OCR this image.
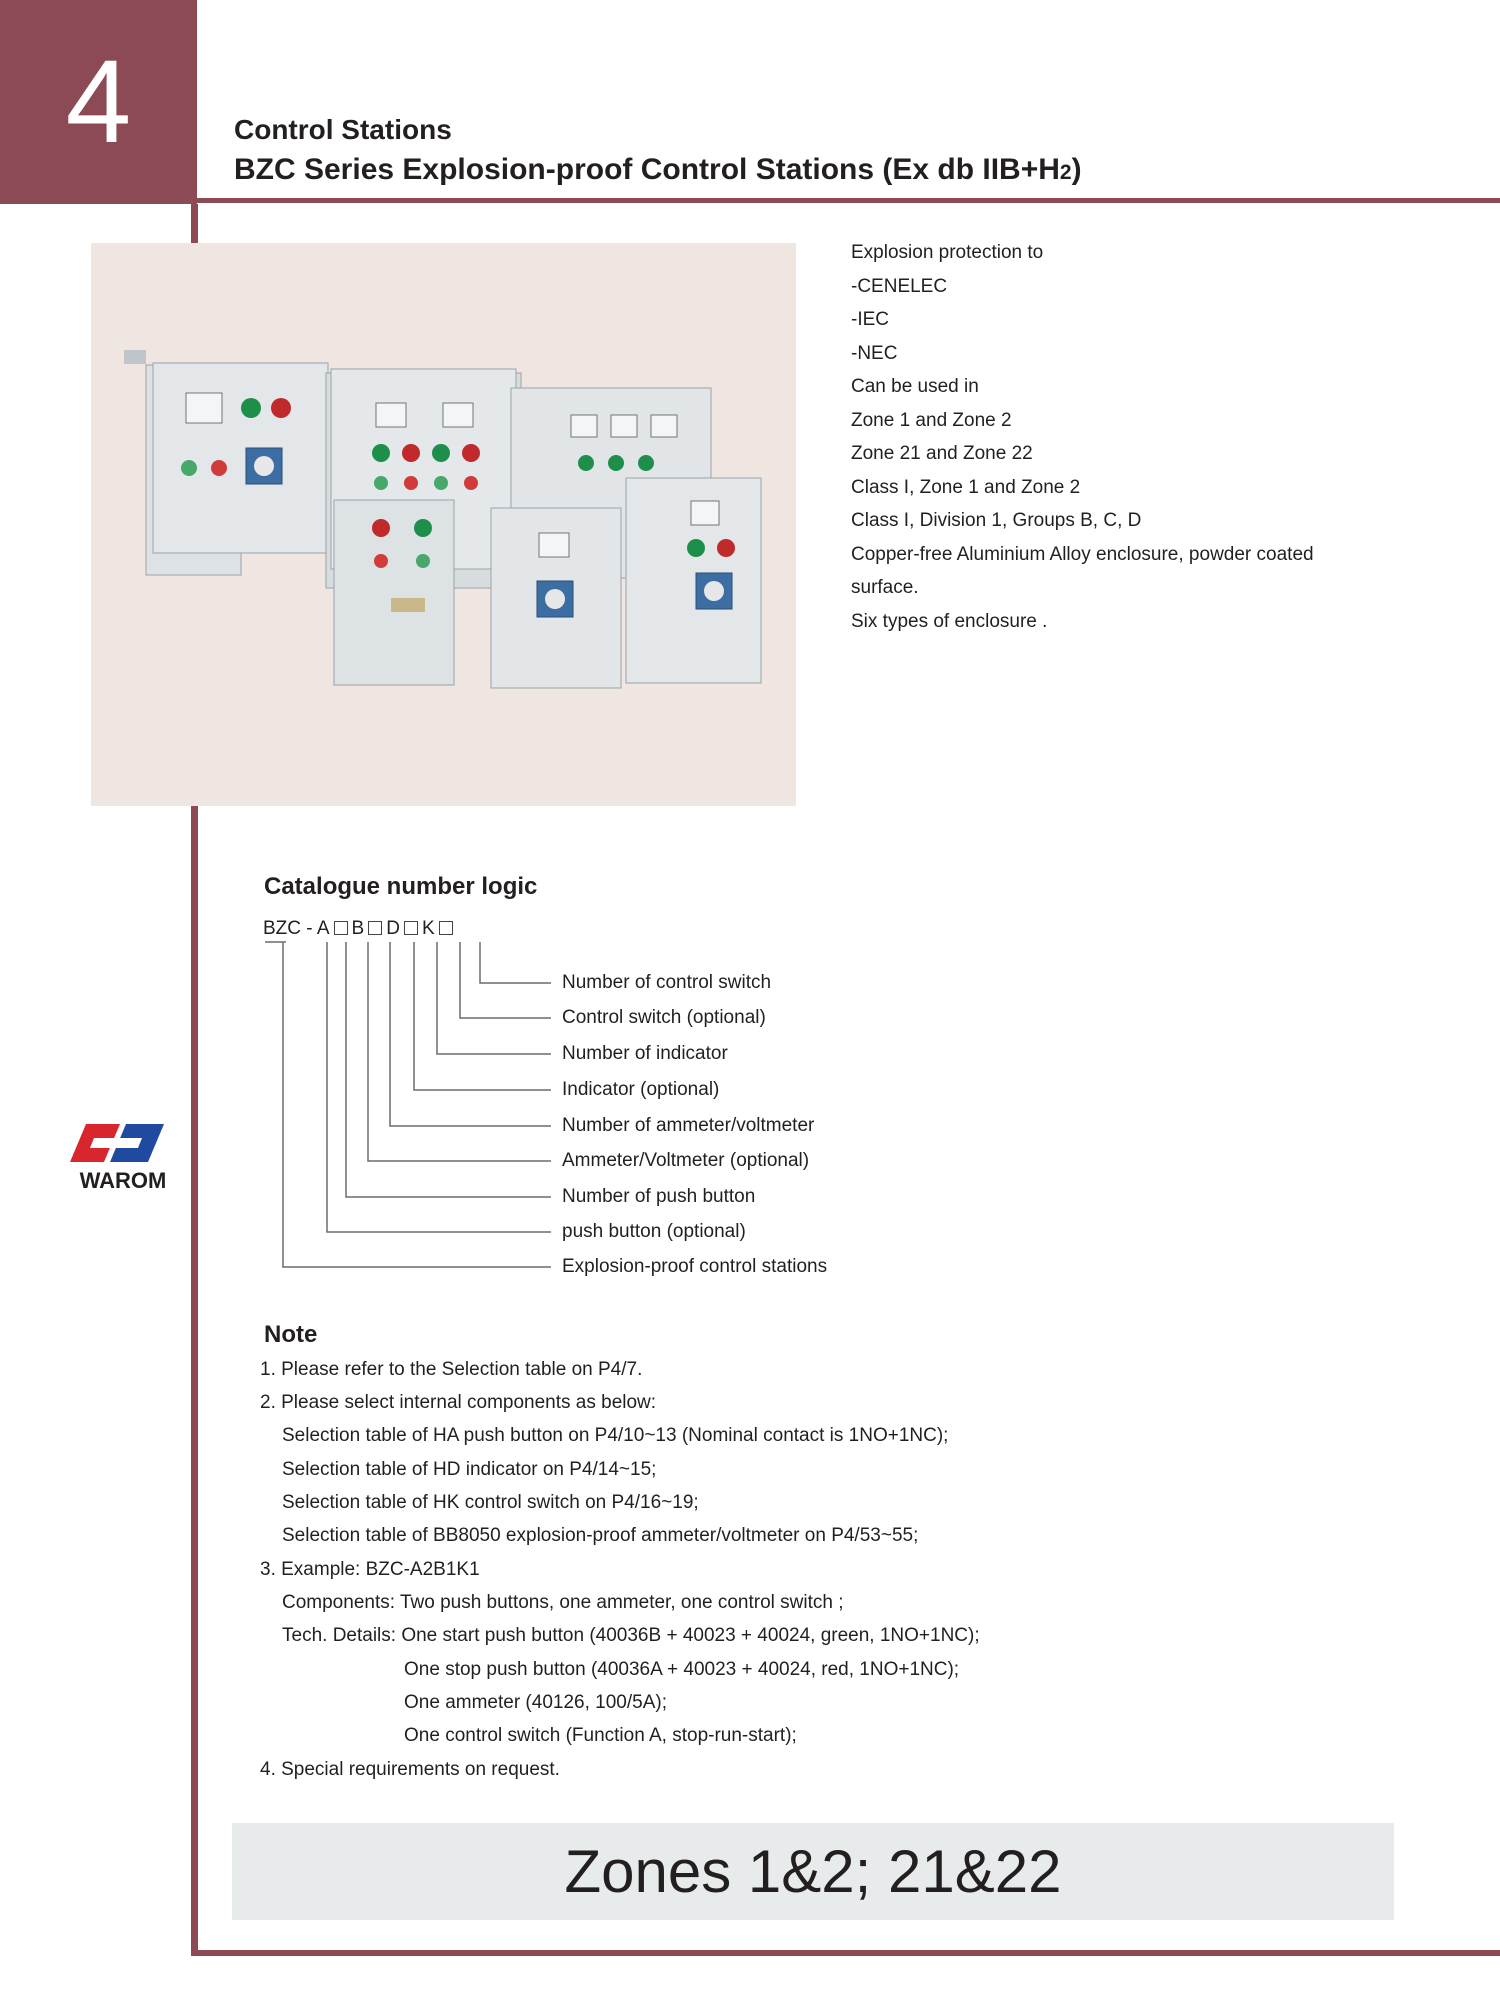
4	Control Stations
BZC Series Explosion-proof Control Stations (Ex db IIB+H2)
Explosion protection to
-CENELEC
-IEC
-NEC
Can be used in
Zone 1 and Zone 2
Zone 21 and Zone 22
Class I, Zone 1 and Zone 2
Class I, Division 1, Groups B, C, D
Copper-free Aluminium Alloy enclosure, powder coated
surface.
Six types of enclosure .
Catalogue number logic
BZC - A B D K
Number of control switch
Control switch (optional)
Number of indicator
Indicator (optional)
Number of ammeter/voltmeter
Ammeter/Voltmeter (optional)
Number of push button
push button (optional)
Explosion-proof control stations
WAROM
Note
1. Please refer to the Selection table on P4/7.
2. Please select internal components as below:
Selection table of HA push button on P4/10~13 (Nominal contact is 1NO+1NC);
Selection table of HD indicator on P4/14~15;
Selection table of HK control switch on P4/16~19;
Selection table of BB8050 explosion-proof ammeter/voltmeter on P4/53~55;
3. Example: BZC-A2B1K1
Components: Two push buttons, one ammeter, one control switch ;
Tech. Details: One start push button (40036B + 40023 + 40024, green, 1NO+1NC);
One stop push button (40036A + 40023 + 40024, red, 1NO+1NC);
One ammeter (40126, 100/5A);
One control switch (Function A, stop-run-start);
4. Special requirements on request.
Zones 1&2; 21&22
